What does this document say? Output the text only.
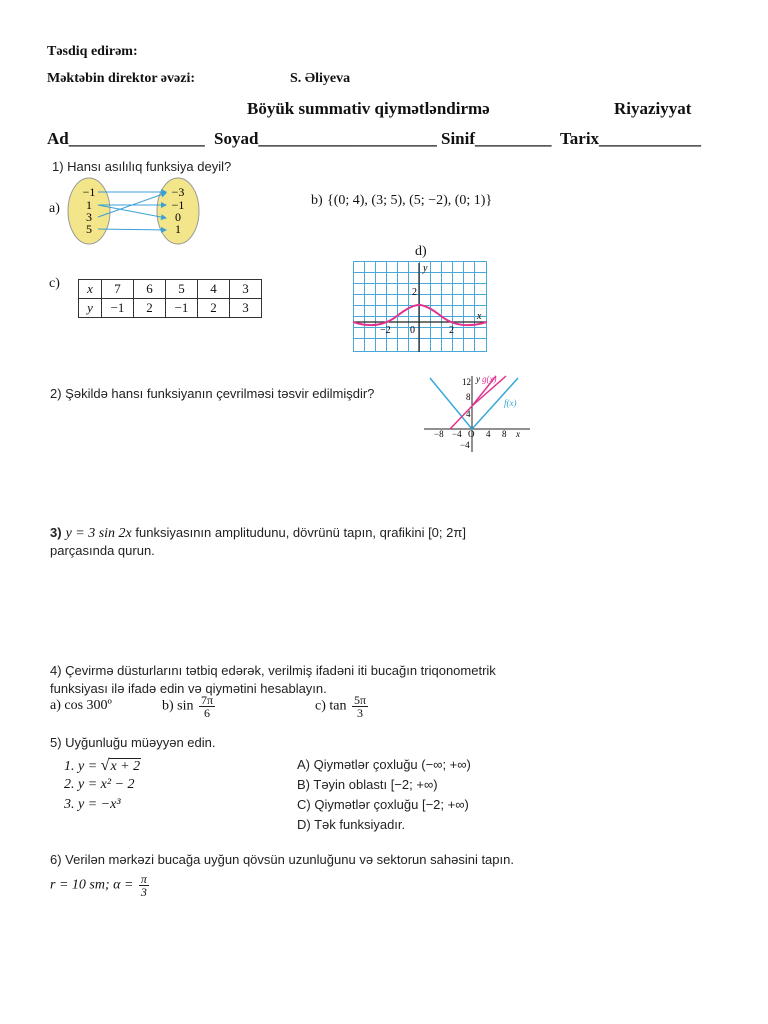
Təsdiq edirəm:
Məktəbin direktor əvəzi:	S. Əliyeva
Böyük summativ qiymətləndirmə	Riyaziyyat
Ad________________ Soyad_____________________ Sinif_________ Tarix____________
1) Hansı asılılıq funksiya deyil?
a)
−1
1
3
5
−3
−1
0
1
b) {(0; 4), (3; 5), (5; −2), (0; 1)}
c) x	7	6	5	4	3
y	−1	2	−1	2	3
d)
y
x
2
−2 0	2
2) Şəkildə hansı funksiyanın çevrilməsi təsvir edilmişdir?
12
8
4
−4
−8 −4 O 4 8 x
y g(x)
f(x)
3) y = 3 sin 2x funksiyasının amplitudunu, dövrünü tapın, qrafikini [0; 2π]
parçasında qurun.
4) Çevirmə düsturlarını tətbiq edərək, verilmiş ifadəni iti bucağın triqonometrik
funksiyası ilə ifadə edin və qiymətini hesablayın.
a) cos 300º	b) $\sin \frac{7\pi}{6}$	c) $\tan \frac{5\pi}{3}$
5) Uyğunluğu müəyyən edin.
1. y = √x + 2
2. y = x² − 2
3. y = −x³
A) Qiymətlər çoxluğu (−∞; +∞)
B) Təyin oblastı [−2; +∞)
C) Qiymətlər çoxluğu [−2; +∞)
D) Tək funksiyadır.
6) Verilən mərkəzi bucağa uyğun qövsün uzunluğunu və sektorun sahəsini tapın.
r = 10 sm; $\alpha = \frac{\pi}{3}$
